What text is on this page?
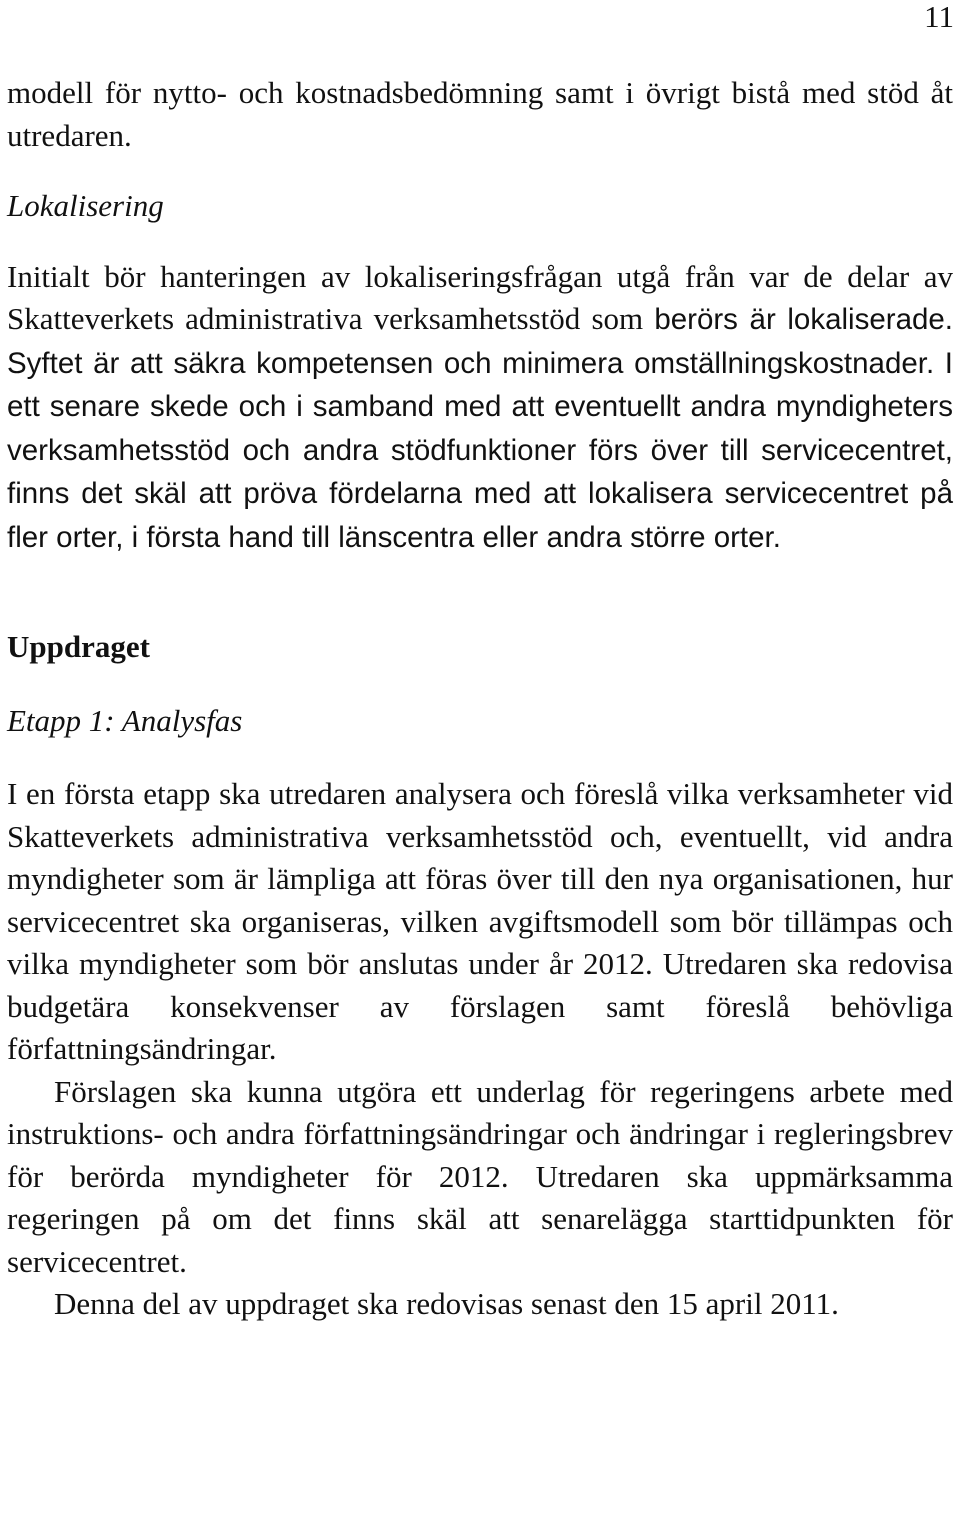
11

modell för nytto- och kostnadsbedömning samt i övrigt bistå med stöd åt utredaren.

Lokalisering

Initialt bör hanteringen av lokaliseringsfrågan utgå från var de delar av Skatteverkets administrativa verksamhetsstöd som berörs är lokaliserade. Syftet är att säkra kompetensen och minimera omställningskostnader. I ett senare skede och i samband med att eventuellt andra myndigheters verksamhetsstöd och andra stödfunktioner förs över till servicecentret, finns det skäl att pröva fördelarna med att lokalisera servicecentret på fler orter, i första hand till länscentra eller andra större orter.

Uppdraget
Etapp 1: Analysfas

I en första etapp ska utredaren analysera och föreslå vilka verksamheter vid Skatteverkets administrativa verksamhetsstöd och, eventuellt, vid andra myndigheter som är lämpliga att föras över till den nya organisationen, hur servicecentret ska organiseras, vilken avgiftsmodell som bör tillämpas och vilka myndigheter som bör anslutas under år 2012. Utredaren ska redovisa budgetära konsekvenser av förslagen samt föreslå behövliga författningsändringar.

Förslagen ska kunna utgöra ett underlag för regeringens arbete med instruktions- och andra författningsändringar och ändringar i regleringsbrev för berörda myndigheter för 2012. Utredaren ska uppmärksamma regeringen på om det finns skäl att senarelägga starttidpunkten för servicecentret.

Denna del av uppdraget ska redovisas senast den 15 april 2011.
